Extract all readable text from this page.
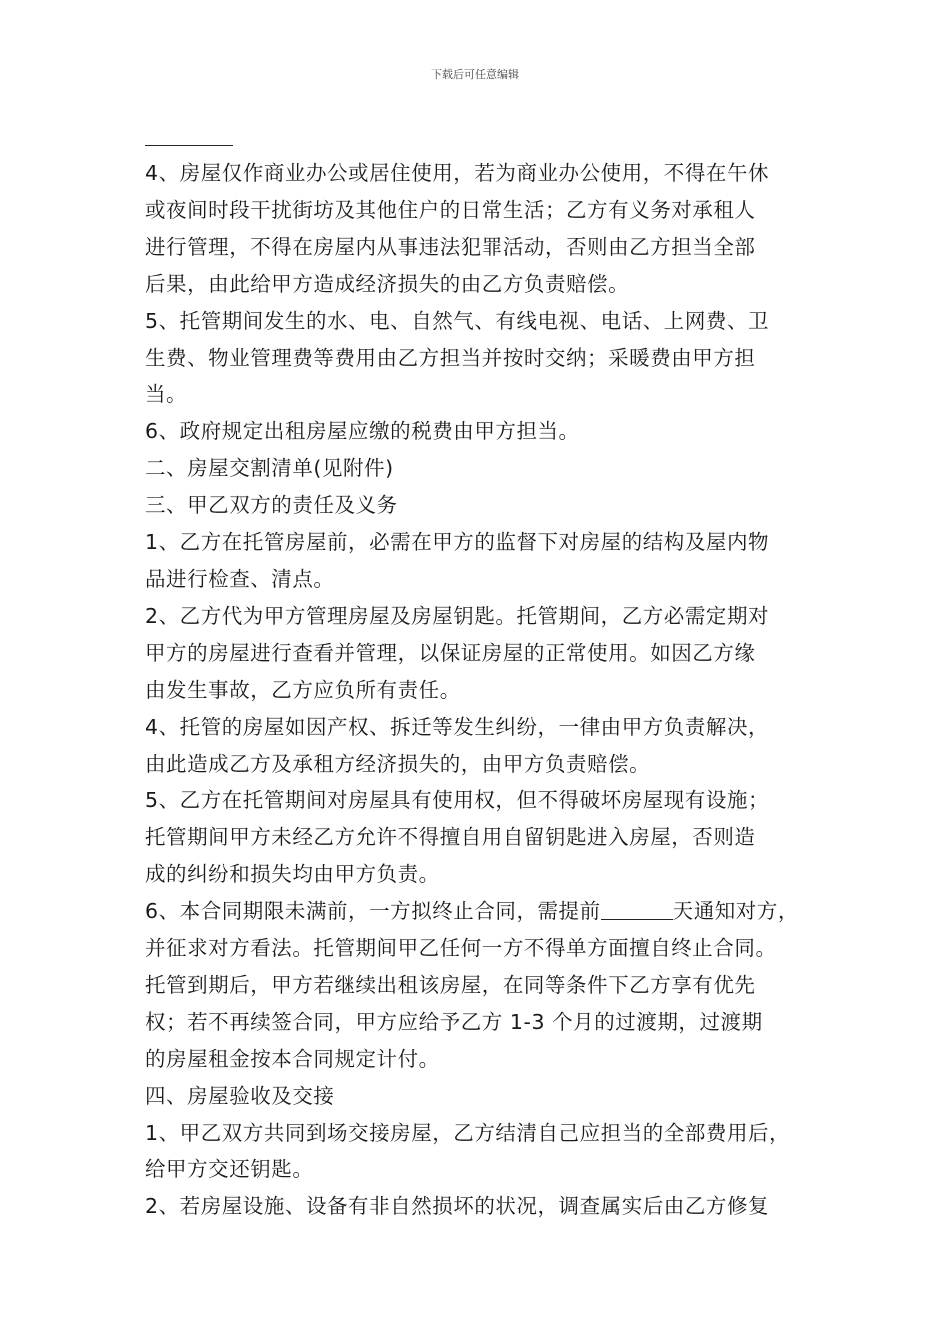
下载后可任意编辑
4、房屋仅作商业办公或居住使用，若为商业办公使用，不得在午休
或夜间时段干扰街坊及其他住户的日常生活；乙方有义务对承租人
进行管理，不得在房屋内从事违法犯罪活动，否则由乙方担当全部
后果，由此给甲方造成经济损失的由乙方负责赔偿。
5、托管期间发生的水、电、自然气、有线电视、电话、上网费、卫
生费、物业管理费等费用由乙方担当并按时交纳；采暖费由甲方担
当。
6、政府规定出租房屋应缴的税费由甲方担当。
二、房屋交割清单(见附件)
三、甲乙双方的责任及义务
1、乙方在托管房屋前，必需在甲方的监督下对房屋的结构及屋内物
品进行检查、清点。
2、乙方代为甲方管理房屋及房屋钥匙。托管期间，乙方必需定期对
甲方的房屋进行查看并管理，以保证房屋的正常使用。如因乙方缘
由发生事故，乙方应负所有责任。
4、托管的房屋如因产权、拆迁等发生纠纷，一律由甲方负责解决，
由此造成乙方及承租方经济损失的，由甲方负责赔偿。
5、乙方在托管期间对房屋具有使用权，但不得破坏房屋现有设施；
托管期间甲方未经乙方允许不得擅自用自留钥匙进入房屋，否则造
成的纠纷和损失均由甲方负责。
6、本合同期限未满前，一方拟终止合同，需提前	天通知对方，
并征求对方看法。托管期间甲乙任何一方不得单方面擅自终止合同。
托管到期后，甲方若继续出租该房屋，在同等条件下乙方享有优先
权；若不再续签合同，甲方应给予乙方 1-3 个月的过渡期，过渡期
的房屋租金按本合同规定计付。
四、房屋验收及交接
1、甲乙双方共同到场交接房屋，乙方结清自己应担当的全部费用后，
给甲方交还钥匙。
2、若房屋设施、设备有非自然损坏的状况，调查属实后由乙方修复
